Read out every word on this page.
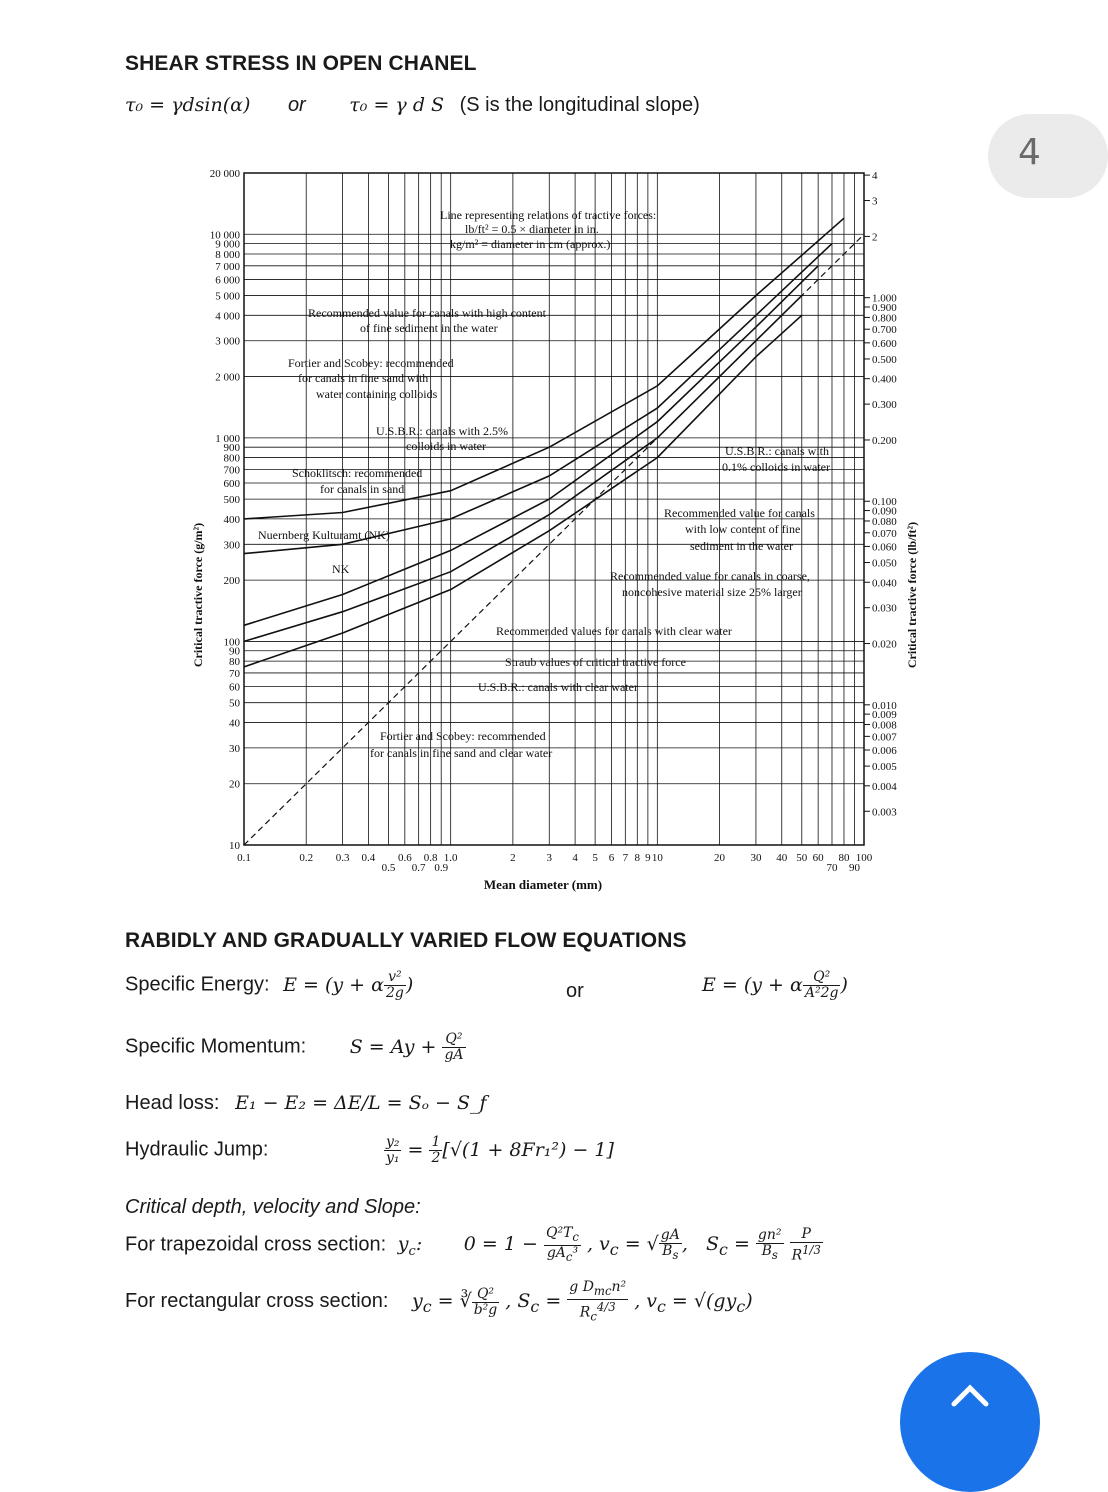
SHEAR STRESS IN OPEN CHANEL
τ₀ = γdsin(α) or τ₀ = γ d S (S is the longitudinal slope)
4
0.1	0.2 0.3 0.4
0.5
0.6
0.7
0.8
0.9
1.0	2	3 4 5 6 7 8 9 10	20 30 40 50 60
70
80
90
100
10
20
30
40
50
60
70
80
90
100
200
300
400
500
600
700
800
900
1 000
2 000
3 000
4 000
5 000
6 000
7 000
8 000
9 000
10 000
20 000
0.003
0.004
0.005
0.006
0.007
0.008
0.009
0.010
0.020
0.030
0.040
0.050
0.060
0.070
0.080
0.090
0.100
0.200
0.300
0.400
0.500
0.600
0.700
0.800
0.900
1.000
2
3
4
Line representing relations of tractive forces:
lb/ft² = 0.5 × diameter in in.
kg/m² = diameter in cm (approx.)
Recommended value for canals with high content
of fine sediment in the water
Fortier and Scobey: recommended
for canals in fine sand with
water containing colloids
U.S.B.R.: canals with 2.5%
colloids in water
Schoklitsch: recommended
for canals in sand
Nuernberg Kulturamt (NK)
U.S.B.R.: canals with
0.1% colloids in water
Recommended value for canals
with low content of fine
sediment in the water
Recommended value for canals in coarse,
noncohesive material size 25% larger
Recommended values for canals with clear water
Straub values of critical tractive force
U.S.B.R.: canals with clear water
Fortier and Scobey: recommended
for canals in fine sand and clear water
NK
Mean diameter (mm)
Critical tractive force (g/m²)	Critical tractive force (lb/ft²)
RABIDLY AND GRADUALLY VARIED FLOW EQUATIONS
Specific Energy: E = (y + α $\frac{\text{v²}}{2g}$ )	or	E = (y + α $\frac{\text{Q²}}{\text{A²2g}}$ )
Specific Momentum: $S = Ay + \frac{\text{Q²}}{gA}$
Head loss: E₁ − E₂ = ΔE/L = Sₒ − S_f
Hydraulic Jump:	$\frac{\text{y₂}}{\text{y₁}} = \frac{1}{2} [√(1 + 8Fr_1^2) - 1]$
Critical depth, velocity and Slope:
For trapezoidal cross section: $y_c$: $0 = 1 - \frac{Q^2T_c}{gA_c^3}$ , $v_c$ = √ $\frac{gA}{B_s}$ ,   $S_c = \frac{\text{gn²}}{B_s}$
$\frac{P}{R^{1/3}}$
For rectangular cross section: $y_c$ = ∛ $\frac{\text{Q²}}{\text{b²g}}$ , $S_c = \frac{g D_{mc}n^2}{R_c^{4/3}}$ , $v_c = √(gy_c)$
